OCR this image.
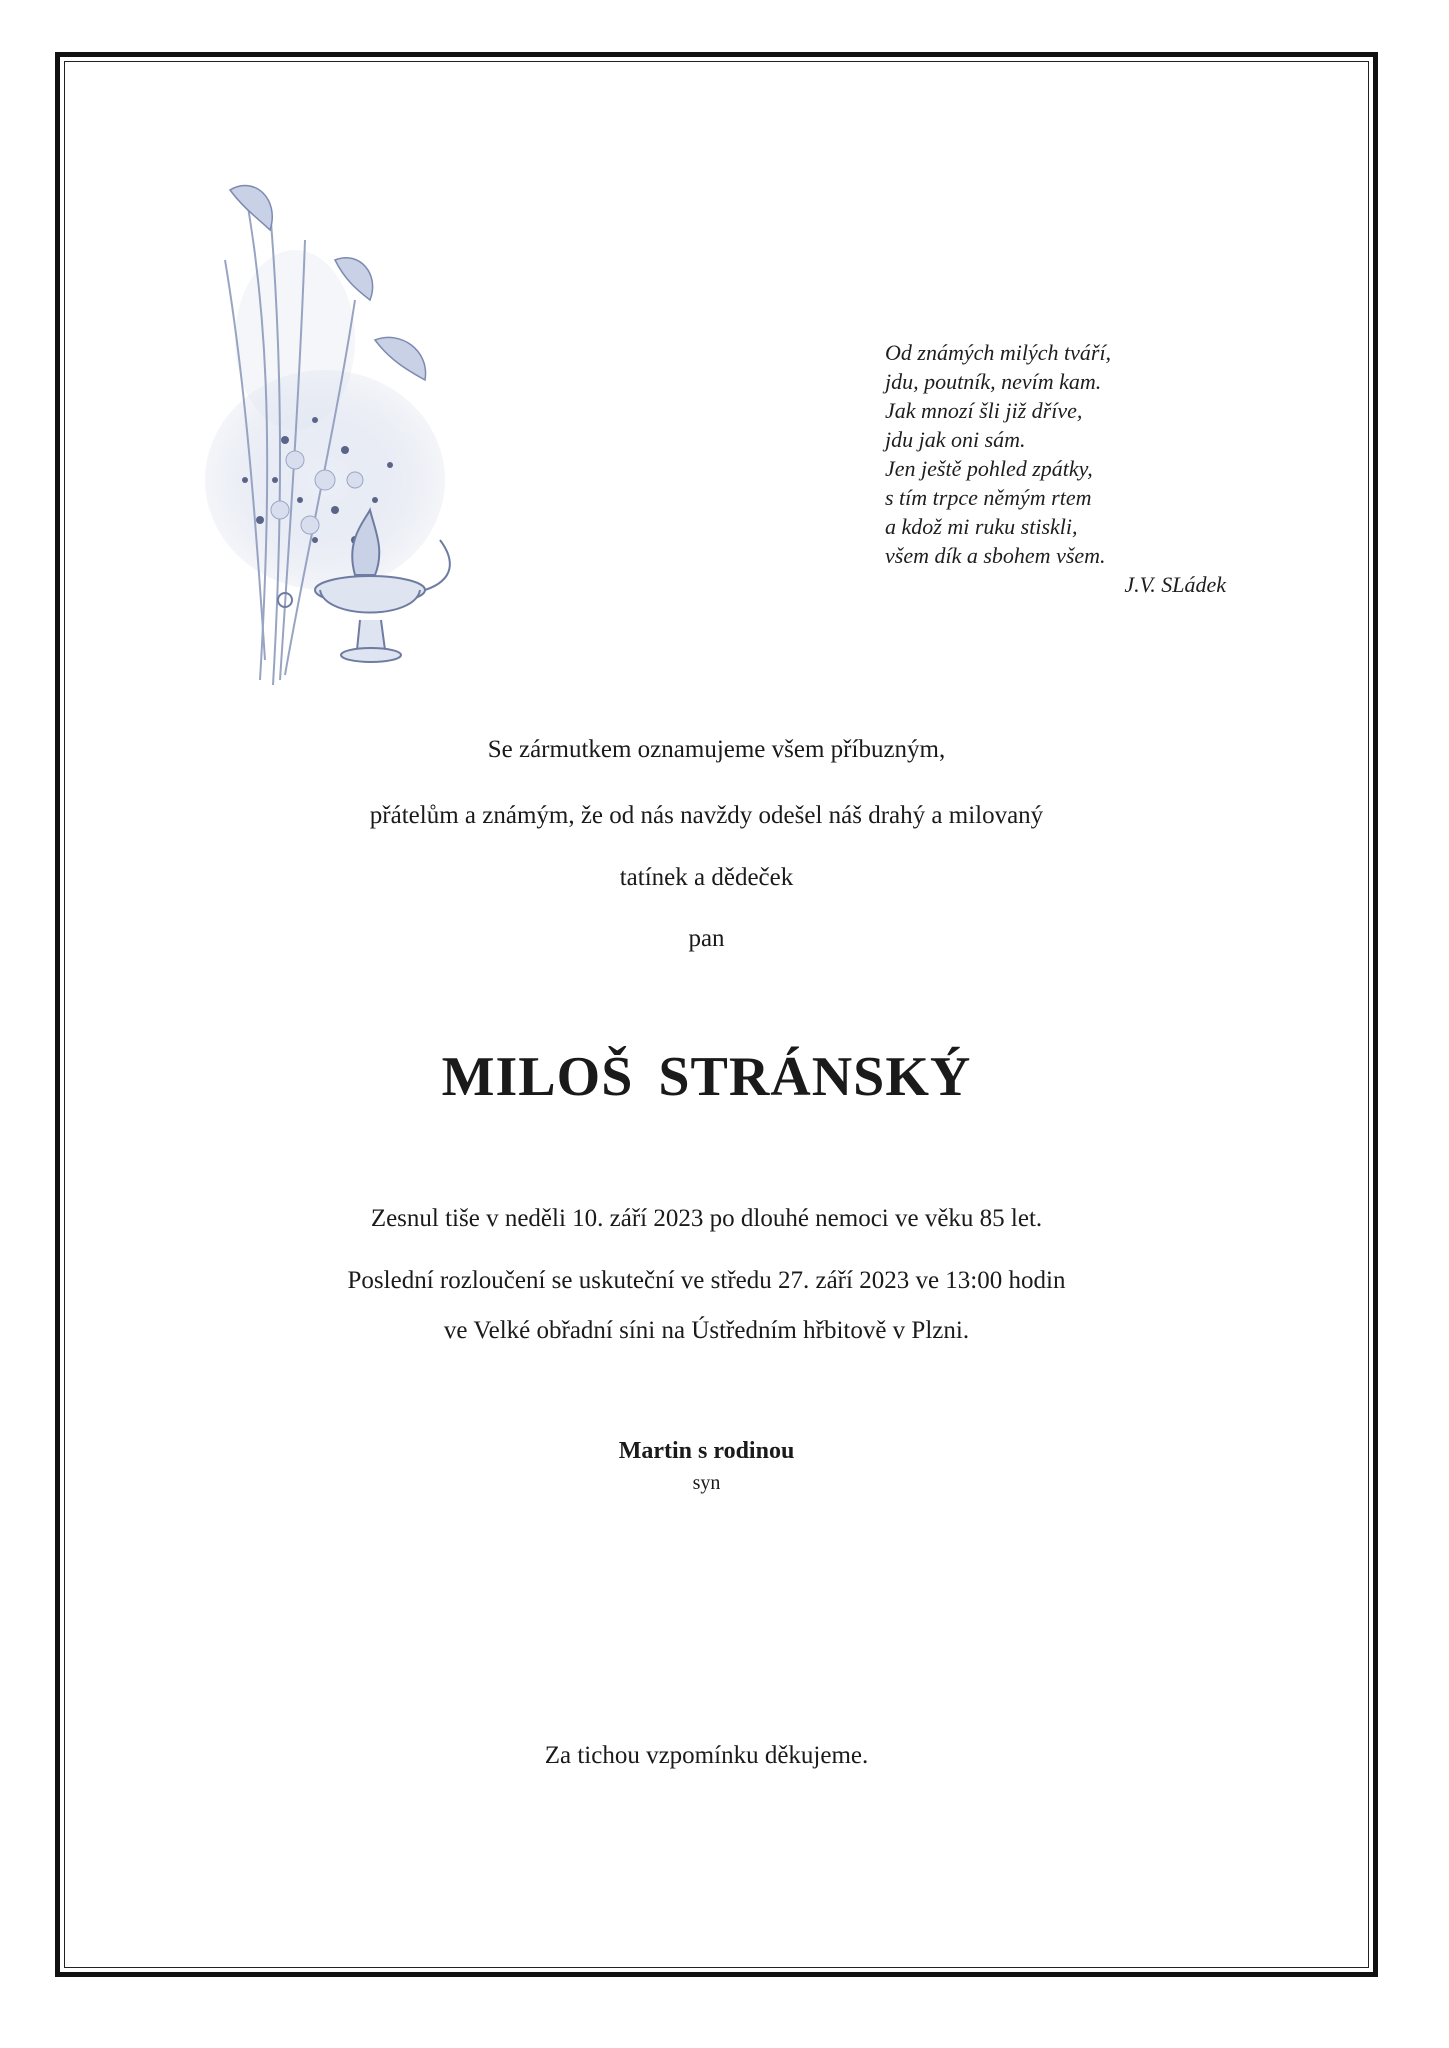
Od známých milých tváří,
jdu, poutník, nevím kam.
Jak mnozí šli již dříve,
jdu jak oni sám.
Jen ještě pohled zpátky,
s tím trpce němým rtem
a kdož mi ruku stiskli,
všem dík a sbohem všem.
J.V. SLádek
Se zármutkem oznamujeme všem příbuzným,
přátelům a známým, že od nás navždy odešel náš drahý a milovaný
tatínek a dědeček
pan
MILOŠ STRÁNSKÝ
Zesnul tiše v neděli 10. září 2023 po dlouhé nemoci ve věku 85 let.
Poslední rozloučení se uskuteční ve středu 27. září 2023 ve 13:00 hodin
ve Velké obřadní síni na Ústředním hřbitově v Plzni.
Martin s rodinou
syn
Za tichou vzpomínku děkujeme.
